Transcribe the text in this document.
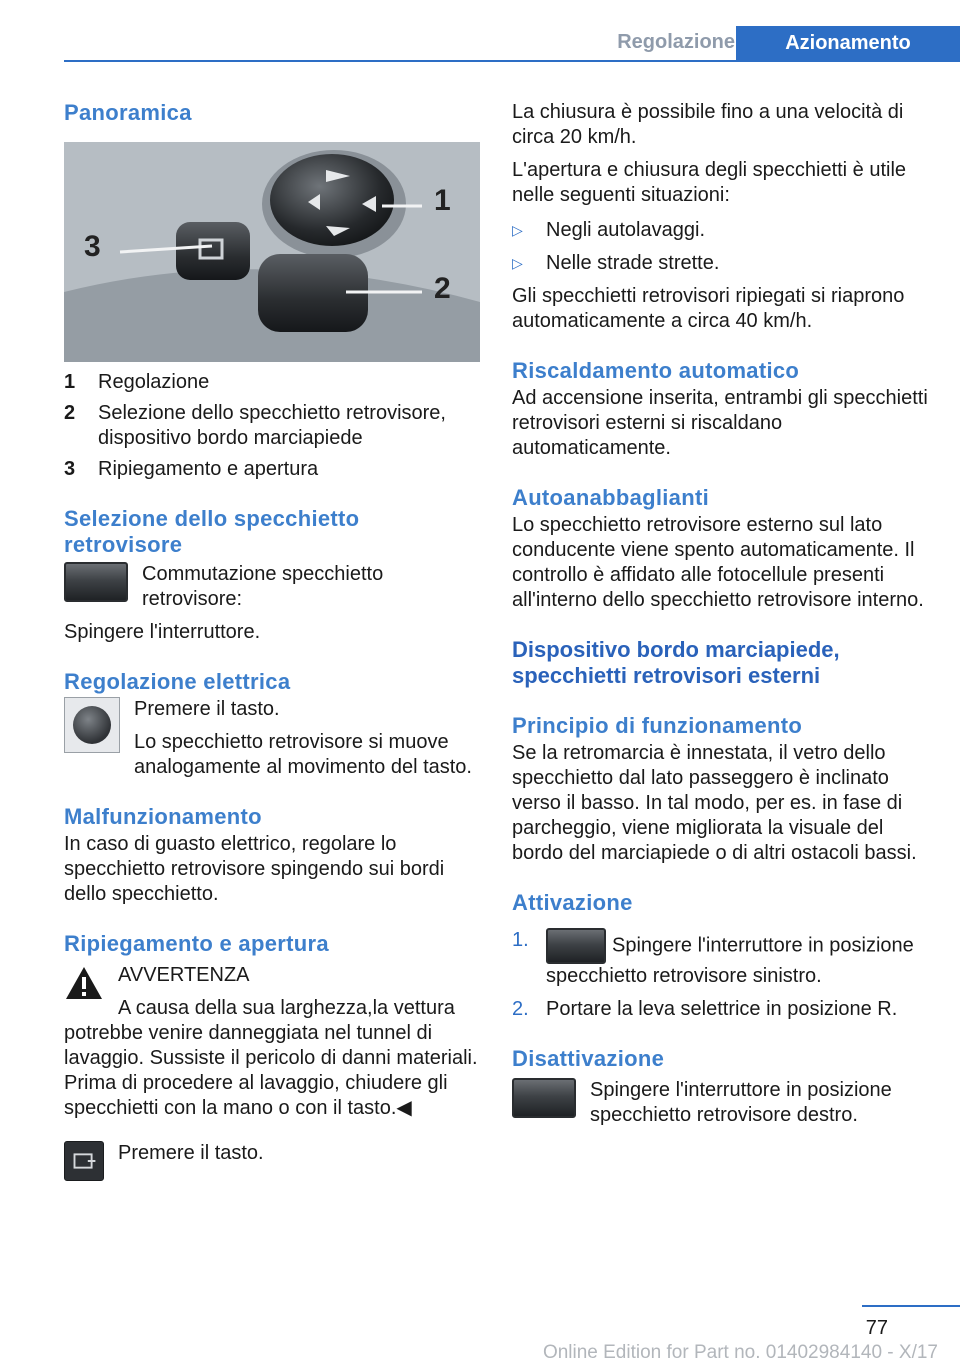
Regolazione	Azionamento
Panoramica
1
2
3
1	Regolazione
2	Selezione dello specchietto retrovisore, dispositivo bordo marciapiede
3	Ripiegamento e apertura
Selezione dello specchietto retrovisore

Commutazione specchietto retrovisore:

Spingere l'interruttore.

Regolazione elettrica

Premere il tasto.

Lo specchietto retrovisore si muove analogamente al movimento del tasto.

Malfunzionamento

In caso di guasto elettrico, regolare lo specchietto retrovisore spingendo sui bordi dello specchietto.

Ripiegamento e apertura

AVVERTENZA

A causa della sua larghezza,la vettura potrebbe venire danneggiata nel tunnel di lavaggio. Sussiste il pericolo di danni materiali. Prima di procedere al lavaggio, chiudere gli specchietti con la mano o con il tasto.◀

Premere il tasto.

La chiusura è possibile fino a una velocità di circa 20 km/h.

L'apertura e chiusura degli specchietti è utile nelle seguenti situazioni:

▷	Negli autolavaggi.
▷	Nelle strade strette.

Gli specchietti retrovisori ripiegati si riaprono automaticamente a circa 40 km/h.

Riscaldamento automatico

Ad accensione inserita, entrambi gli specchietti retrovisori esterni si riscaldano automaticamente.

Autoanabbaglianti

Lo specchietto retrovisore esterno sul lato conducente viene spento automaticamente. Il controllo è affidato alle fotocellule presenti all'interno dello specchietto retrovisore interno.

Dispositivo bordo marciapiede, specchietti retrovisori esterni
Principio di funzionamento

Se la retromarcia è innestata, il vetro dello specchietto dal lato passeggero è inclinato verso il basso. In tal modo, per es. in fase di parcheggio, viene migliorata la visuale del bordo del marciapiede o di altri ostacoli bassi.

Attivazione
1.	Spingere l'interruttore in posizione specchietto retrovisore sinistro.
2. Portare la leva selettrice in posizione R.
Disattivazione

Spingere l'interruttore in posizione specchietto retrovisore destro.

77
Online Edition for Part no. 01402984140 - X/17
